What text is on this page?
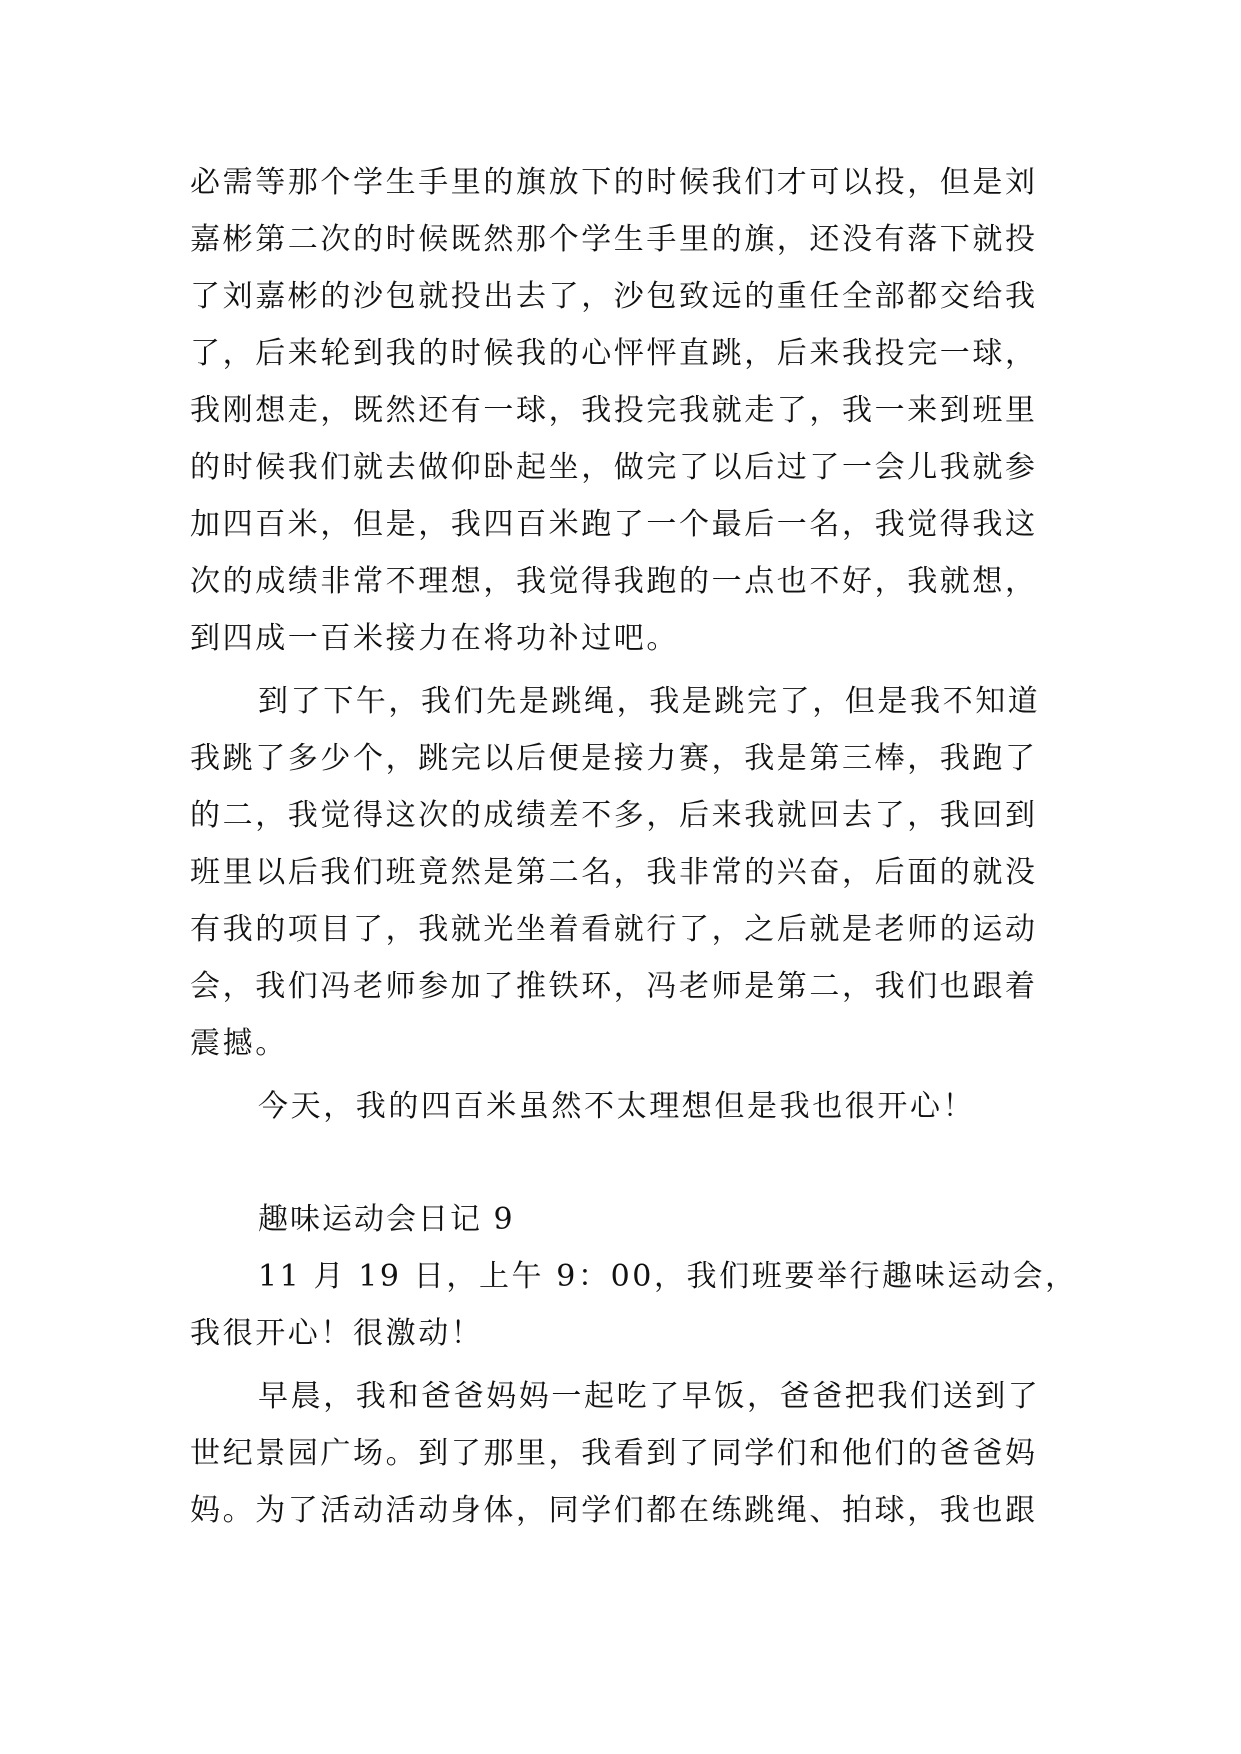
必需等那个学生手里的旗放下的时候我们才可以投，但是刘
嘉彬第二次的时候既然那个学生手里的旗，还没有落下就投
了刘嘉彬的沙包就投出去了，沙包致远的重任全部都交给我
了，后来轮到我的时候我的心怦怦直跳，后来我投完一球，
我刚想走，既然还有一球，我投完我就走了，我一来到班里
的时候我们就去做仰卧起坐，做完了以后过了一会儿我就参
加四百米，但是，我四百米跑了一个最后一名，我觉得我这
次的成绩非常不理想，我觉得我跑的一点也不好，我就想，
到四成一百米接力在将功补过吧。
到了下午，我们先是跳绳，我是跳完了，但是我不知道
我跳了多少个，跳完以后便是接力赛，我是第三棒，我跑了
的二，我觉得这次的成绩差不多，后来我就回去了，我回到
班里以后我们班竟然是第二名，我非常的兴奋，后面的就没
有我的项目了，我就光坐着看就行了，之后就是老师的运动
会，我们冯老师参加了推铁环，冯老师是第二，我们也跟着
震撼。
今天，我的四百米虽然不太理想但是我也很开心！
趣味运动会日记 9
11 月 19 日，上午 9：00，我们班要举行趣味运动会，
我很开心！很激动！
早晨，我和爸爸妈妈一起吃了早饭，爸爸把我们送到了
世纪景园广场。到了那里，我看到了同学们和他们的爸爸妈
妈。为了活动活动身体，同学们都在练跳绳、拍球，我也跟
